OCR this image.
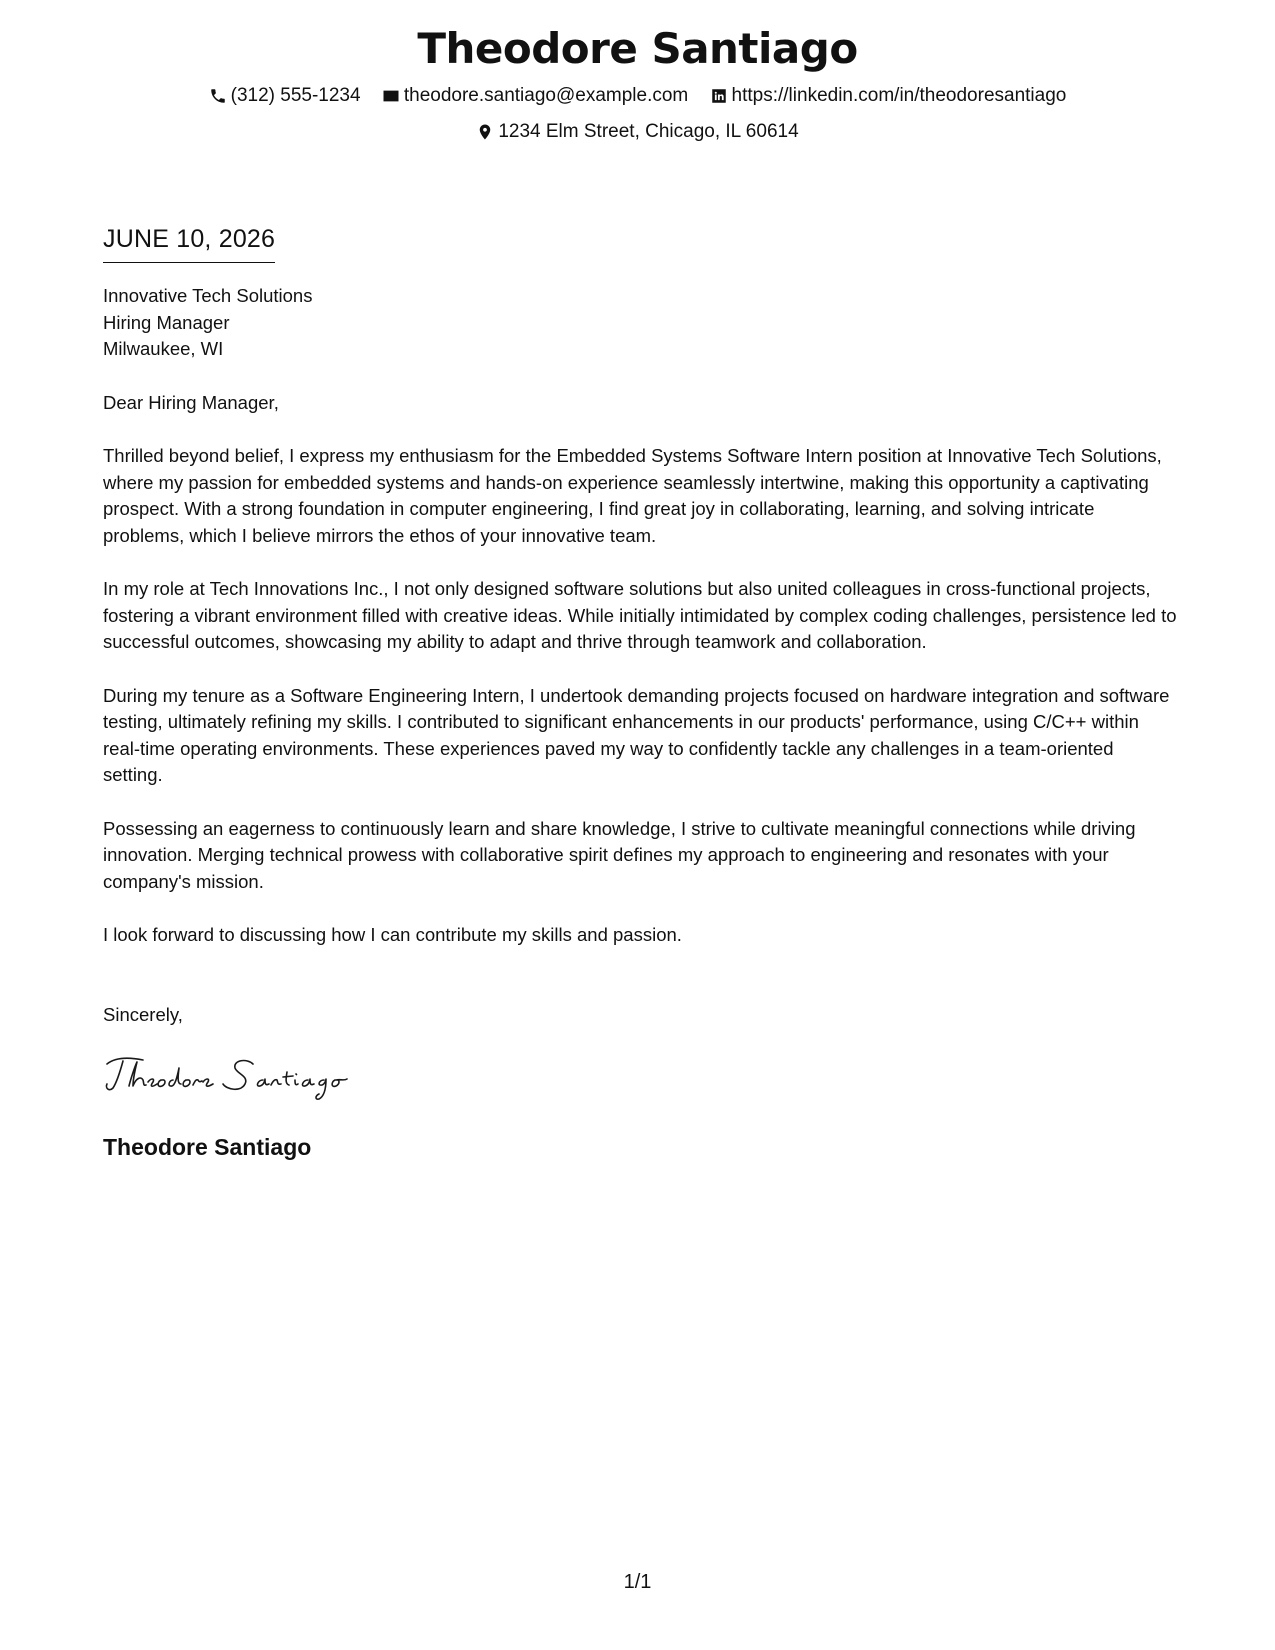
Theodore Santiago
(312) 555-1234
theodore.santiago@example.com
https://linkedin.com/in/theodoresantiago
1234 Elm Street, Chicago, IL 60614
JUNE 10, 2026
Innovative Tech Solutions
Hiring Manager
Milwaukee, WI
Dear Hiring Manager,

Thrilled beyond belief, I express my enthusiasm for the Embedded Systems Software Intern position at Innovative Tech Solutions, where my passion for embedded systems and hands-on experience seamlessly intertwine, making this opportunity a captivating prospect. With a strong foundation in computer engineering, I find great joy in collaborating, learning, and solving intricate problems, which I believe mirrors the ethos of your innovative team.

In my role at Tech Innovations Inc., I not only designed software solutions but also united colleagues in cross-functional projects, fostering a vibrant environment filled with creative ideas. While initially intimidated by complex coding challenges, persistence led to successful outcomes, showcasing my ability to adapt and thrive through teamwork and collaboration.

During my tenure as a Software Engineering Intern, I undertook demanding projects focused on hardware integration and software testing, ultimately refining my skills. I contributed to significant enhancements in our products' performance, using C/C++ within real-time operating environments. These experiences paved my way to confidently tackle any challenges in a team-oriented setting.

Possessing an eagerness to continuously learn and share knowledge, I strive to cultivate meaningful connections while driving innovation. Merging technical prowess with collaborative spirit defines my approach to engineering and resonates with your company's mission.

I look forward to discussing how I can contribute my skills and passion.

Sincerely,
Theodore Santiago
1/1
